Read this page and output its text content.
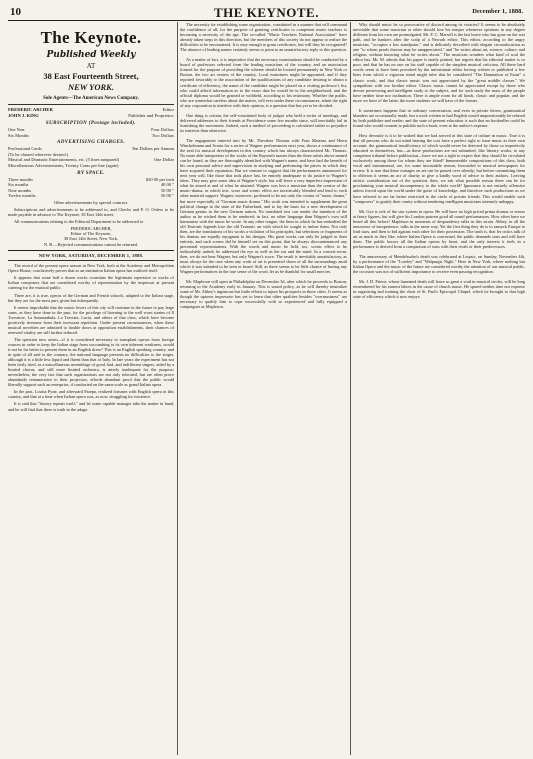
10	THE KEYNOTE.	December 1, 1888.
The Keynote.
Published Weekly
AT
38 East Fourteenth Street,
NEW YORK.
Sole Agents—The American News Company.
FREDERIC ARCHER	Editor
JOHN J. KING	Publisher and Proprietor.
SUBSCRIPTION (Postage included).
One Year	Four Dollars
Six Months	Two Dollars
ADVERTISING CHARGES.
Professional Cards	Ten Dollars per Annum
(To be classed wherever desired.)
Musical and Dramatic Entertainments, etc. (5 lines nonpareil)	One Dollar
Miscellaneous Advertisements, Twenty Cents per line (agate)
BY SPACE.
Three months	$30 00 per inch
Six months	40 00 "
Nine months	50 00 "
Twelve months	56 00 "
Other advertisements by special contract.

Subscriptions and advertisements to be addressed to, and Checks and P. O. Orders to be made payable in advance to The Keynote, 38 East 14th street.

All communications relating to the Editorial Department to be addressed to

FREDERIC ARCHER,
Editor of The Keynote,
38 East 14th Street, New York.
N. B.—Rejected communications cannot be returned.
NEW YORK, SATURDAY, DECEMBER 1, 1888.

The record of the present opera season in New York, both at the Academy and Metropolitan Opera House, conclusively proves that as an institution Italian opera has outlived itself.

It appears that some half a dozen works constitute the legitimate repertoire or works of Italian composers that are considered worthy of representation by the impresari at present catering for the musical public.

There are, it is true, operas of the German and French schools, adapted to the Italian stage, but they are for the most part, given but infrequently.

It seems improbable that the music lovers of this city will continue in the future to pay large sums, as they have done in the past, for the privilege of listening to the well worn strains of Il Trovatore, La Sonnambula, La Traviata, Lucia, and others of that class, which have become positively tiresome from their incessant repetition. Under present circumstances, when these musical novelties are admitted to double doors at opposition establishments, their chances of renewed vitality are still further reduced.

The question now arises—if it is considered necessary to transplant operas from foreign sources in order to keep the Italian stage from succumbing to its own inherent weakness, would it not be far better to present them in an English dress? This is an English speaking country, and in spite of all said to the contrary, the national language presents no difficulties to the singer, although it is a little less liquid and fluent than that of Italy. In late years the experiment has not been fairly tried, as a miscellaneous assemblage of good, bad, and indifferent singers, aided by a limited chorus, and still more limited orchestra, is utterly inadequate for the purpose; nevertheless, the very fact that such organizations are not only tolerated, but are often prove abundantly remunerative to their projectors, affords abundant proof that the public would liberally support such an enterprise, if conducted on the same scale as grand Italian opera.

In the past, Louisa Pyne, and afterward Parepa, realized fortunes with English opera in this country, and that at a time when Italian opera was, as now, struggling for existence.

It is said that "history repeats itself," and let some capable manager take the matter in hand, and he will find that there is truth in the adage.

The necessity for establishing some organization, constituted in a manner that will command the confidence of all, for the purpose of granting certificates to competent music teachers is becoming a necessity of the age. The so-called "Music Teachers National Association" have already taken steps in this direction, but the members of this society do not appear to realize the difficulties to be encountered. It is easy enough to grant certificates, but will they be recognized? The absence of leading names certainly seems to point to an unsatisfactory reply to this question.

As a matter of fact, it is imperative that the necessary examinations should be conducted by a board of professors selected from the leading musicians of the country, and an association formed for the purpose of providing the scheme should be located permanently in New York or Boston, the two art centers of the country. Local examiners might be appointed, and if they reported favorably to the association of the qualifications of any candidate desiring to obtain a certificate of efficiency, the name of the candidate might be placed on a visiting professor's list, who could afford information as to the exact date he would be in the neighborhood, and the official diploma would be granted or withheld, according to his testimony. Whether the public, who are somewhat careless about the matter, will ever under these circumstances, admit the right of any corporation to interfere with their opinion, is a question that has yet to be decided.

One thing is certain, the self-constituted body of judges who held a series of meetings, and delivered addresses to their friends at Providence some few months since, will inevitably fail in furnishing the movement. Indeed, such a method of proceeding is calculated rather to prejudice its interests than otherwise.

The engagement entered into by Mr. Theodore Thomas with Frau Materna and Herrn Winckelmann and Scaria for a series of Wagner performances next year, shows a continuance of the zeal for musical development in this country which has always characterized Mr. Thomas. No more able interpreters of the works of the Bayreuth master than the three artists above named can be found, as they are thoroughly identified with Wagner's name, and have had the benefit of his own personal advice and supervision in studying and performing the pieces in which they have acquired their reputation. But we venture to suggest that the performances announced for next year will, like those that took place last, be entirely inadequate to do justice to Wagner's ideas. They may give some idea of Wagner's style, but will leave a very imperfect impression of what he aimed at and of what he attained. Wagner was less a musician than the creator of the music-drama, in which text, score and scenic effect are inextricably blended and lend to each other material support. Wagner, moreover, professed to be not only the creator of "music drama," but more especially of "German music drama." His work was intended to supplement the great political change in the state of the Fatherland, and to lay the basis for a new development of German genius in the new German nation. No translated text can render the intention of the author as he wished them to be rendered; in fact, no other language than Wagner's own will harmonize with the music he wrote. In any other tongue, the lines in which he has embodied the old Teutonic legends lose the old Teutonic air with which he sought to imbue them. Not only then, are the translations of his works a violation of his principles, but selections or fragments of his dramas are equally repugnant to his designs. His great works can only be judged in their entirety, and such scenes did he himself set on this point, that he always discountenanced any piecemeal representations. With the words and music he held, too, scenic effect to be indissolubly united; he addressed the eye as well as the ear and the mind. In a concert-room, then, we do not hear Wagner, but only Wagner's score. The result is inevitably unsatisfactory, as must always be the case when any work of art is presented shorn of all the surroundings amid which it was intended to be seen or heard. Still, as there seems to be little chance of having any Wagner performances in the true sense of the word, let us be thankful for small mercies.

Mr. Mapleson will open in Philadelphia on December 3d, after which he proceeds to Boston, returning to the Academy early in January. This is sound policy, as he will thereby neutralize some of Mr. Abbey's ingenious but futile efforts to injure his prospects in those cities. It seems as though the uptown impresario has yet to learn that other qualities besides "overmastness" are necessary to qualify him to cope successfully with so experienced and fully equipped a campaigner as Mapleson.

Why should music be so provocative of discord among its votaries? It seems to be absolutely inevitable that some musician or other should lose his temper whenever opinions in any degree different from his own are promulgated. Mr. F. C. Marsell is the last brave who has gone on the war path, and he hankers after the scalp of a Newark editor. This editor, according to the angry musician, "occupies a low standpoint," and is delicately described with elegant circumlocution as one "to whom pearls thrown may be unappreciated," and "he writes about art, science, culture, and religion, without knowing what he writes about." The musician wonders what kind of soul the editor has. Mr. M. admits that his paper is neatly printed, but regrets that his editorial matter is so poor, and that he has no one on his staff capable of the simplest musical criticism. All these hard words seem to have been provoked by the unfortunate editor having written or published a few lines from which a vigorous mind might infer that he considered "The Damnation of Faust" a classic work, and that classic music was not appreciated by the "great middle classes." We sympathize with our brother editor. Classic music cannot be appreciated except by those who devote persevering and intelligent study to the subject, and for such study the mass of the people have neither time nor inclination. There is ample room for all kinds, classic and popular, and the more we have of the latter, the more students we will have of the former.

It sometimes happens that in ordinary conversation, and even in private letters, grammatical blunders are occasionally made, but a work written in bad English would unquestionably be refused by both publisher and reader; and the state of present education is such that no bookseller could be found who would consent to publish such a book, even at the author's expense.

How devoutly is it to be wished that we had arrived at this state of culture in music. True it is that all persons who do not mind hearing the cost have a perfect right to issue music as their own account, the grammatical insufficiency of which would never be detected by those so imperfectly educated as themselves, but—as these productions are not submitted, like literary works, to any competent tribunal before publication—have we not a right to expect that they should be circulated exclusively among those for whom they are fitted? Innumerable compositions of this class, both vocal and instrumental, are, for some inscrutable reason, forwarded to musical newspapers for review. It is true that these outrages on art can be passed over silently; but before committing them to oblivion it seems an act of charity to give a kindly word of advice to their authors. Leaving artistic consideration out of the question, then, we ask what possible reason there can be for proclaiming your musical incompetency to the whole world? Ignorance is not entirely offensive unless forced upon the world under the guise of knowledge, and therefore such productions as we have referred to are far better restricted to the circle of private friends. This would enable such "composers" to gratify their vanity without rendering intelligent musicians intensely unhappy.

Mr. Gye is sick of the star system in opera. He will have no high priced prima donnas or tenors at fancy figures, but will give his London patrons good all round performances. How often have we heard all this before! Mapleson in moments of despondency talks in this strain. Abbey, in all the innocence of inexperience, talks in the same way. Yet the first thing they do is to ransack Europe to find stars, and then to bid against each other for their possession. The truth is, that let critics talk of art as much as they like, where Italian Opera is concerned, the public demands stars and will have them. The public knows all the Italian operas by heart, and the only interest it feels in a performance is derived from a comparison of stars with their rivals or their predecessors.

The anniversary of Mendelssohn's death was celebrated at Leipsic, on Sunday, November 4th, by a performance of the "Loreley" and "Walpurgis Night." Here in New York, where nothing but Italian Opera and the music of the future are considered worthy the attention of our musical public, the occasion was not of sufficient importance to receive even passing recognition.

Mr. J. D. Prince, whose lamented death will leave so great a void in musical circles, will be long remembered for his earnest labors in the cause of church music. He spared neither time nor expense in organizing and training the choir of St. Paul's Episcopal Chapel, which he brought to that high state of efficiency which it now enjoys.
